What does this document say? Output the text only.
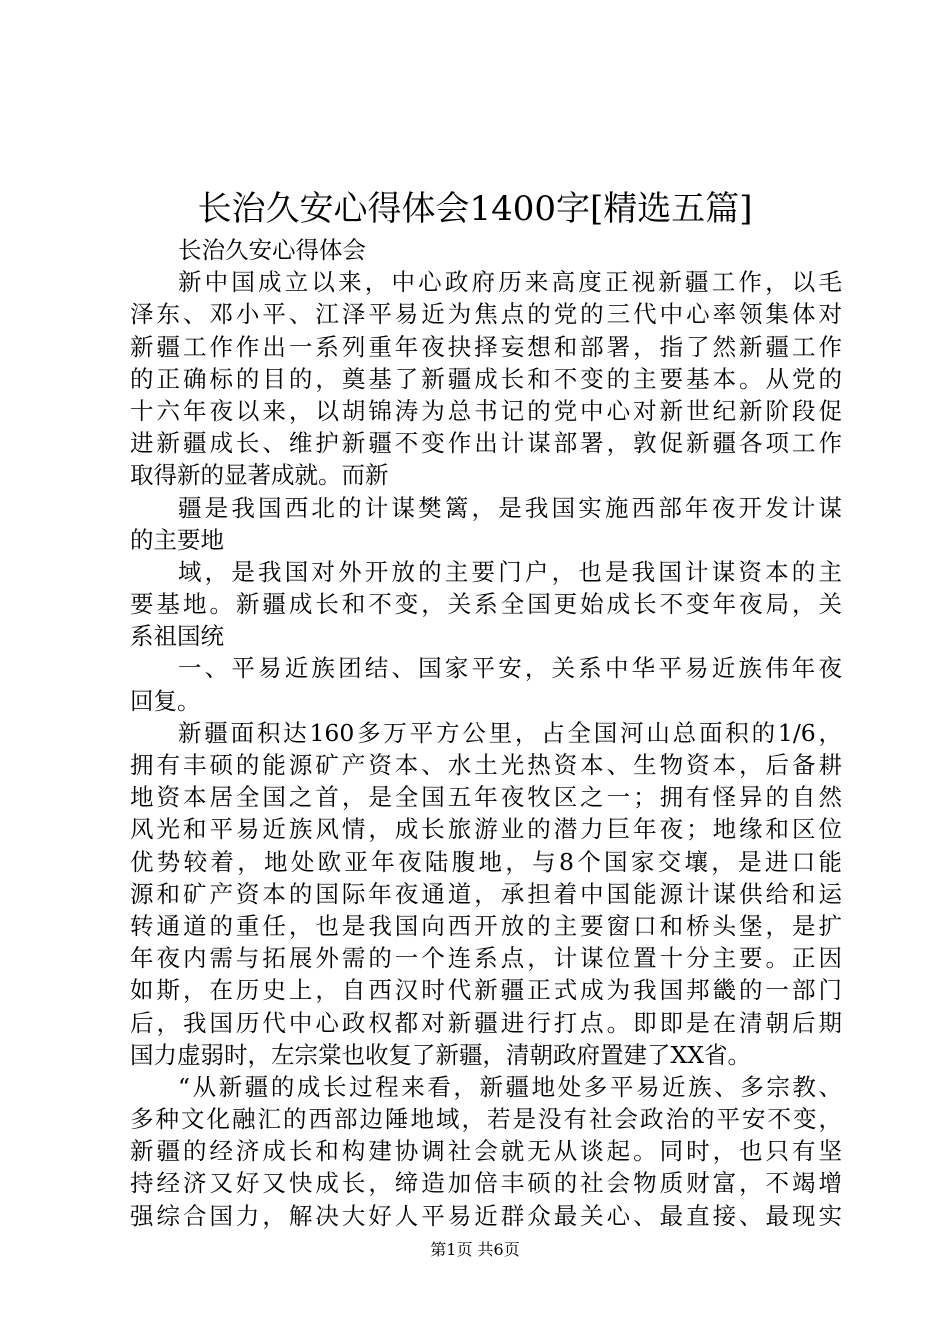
长治久安心得体会1400字[精选五篇]
长治久安心得体会
新中国成立以来，中心政府历来高度正视新疆工作，以毛
泽东、邓小平、江泽平易近为焦点的党的三代中心率领集体对
新疆工作作出一系列重年夜抉择妄想和部署，指了然新疆工作
的正确标的目的，奠基了新疆成长和不变的主要基本。从党的
十六年夜以来，以胡锦涛为总书记的党中心对新世纪新阶段促
进新疆成长、维护新疆不变作出计谋部署，敦促新疆各项工作
取得新的显著成就。而新
疆是我国西北的计谋樊篱，是我国实施西部年夜开发计谋
的主要地
域，是我国对外开放的主要门户，也是我国计谋资本的主
要基地。新疆成长和不变，关系全国更始成长不变年夜局，关
系祖国统
一、平易近族团结、国家平安，关系中华平易近族伟年夜
回复。
新疆面积达160多万平方公里，占全国河山总面积的1/6，
拥有丰硕的能源矿产资本、水土光热资本、生物资本，后备耕
地资本居全国之首，是全国五年夜牧区之一；拥有怪异的自然
风光和平易近族风情，成长旅游业的潜力巨年夜；地缘和区位
优势较着，地处欧亚年夜陆腹地，与8个国家交壤，是进口能
源和矿产资本的国际年夜通道，承担着中国能源计谋供给和运
转通道的重任，也是我国向西开放的主要窗口和桥头堡，是扩
年夜内需与拓展外需的一个连系点，计谋位置十分主要。正因
如斯，在历史上，自西汉时代新疆正式成为我国邦畿的一部门
后，我国历代中心政权都对新疆进行打点。即即是在清朝后期
国力虚弱时，左宗棠也收复了新疆，清朝政府置建了XX省。
“从新疆的成长过程来看，新疆地处多平易近族、多宗教、
多种文化融汇的西部边陲地域，若是没有社会政治的平安不变，
新疆的经济成长和构建协调社会就无从谈起。同时，也只有坚
持经济又好又快成长，缔造加倍丰硕的社会物质财富，不竭增
强综合国力，解决大好人平易近群众最关心、最直接、最现实
第1页 共6页
